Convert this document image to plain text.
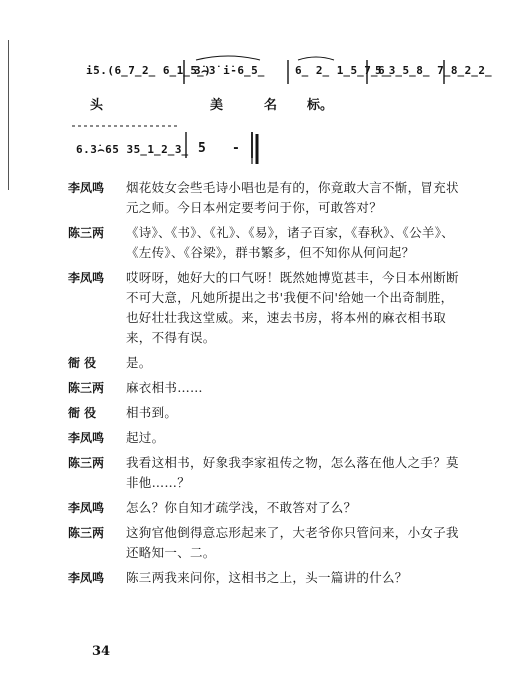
i̇5.(6̲7̲2̲ 6̲1̲5̲)
3̇⌢3̇ i̇-6̲5̲	6̲ 2̲ 1̲5̲7̲6̲
5̲3̲5̲8̲ 7̲8̲2̲2̲
头	美	名 标。
6.3̇⌢65 35̲1̲2̲3̲ 5 -
李凤鸣	烟花妓女会些毛诗小唱也是有的，你竟敢大言不惭，冒充状元之师。今日本州定要考问于你，可敢答对？
陈三两	《诗》、《书》、《礼》、《易》，诸子百家，《春秋》、《公羊》、《左传》、《谷梁》，群书繁多，但不知你从何问起？
李凤鸣	哎呀呀，她好大的口气呀！既然她博览甚丰，今日本州断断不可大意，凡她所提出之书'我便不问'给她一个出奇制胜，也好壮壮我这堂威。来，速去书房，将本州的麻衣相书取来，不得有误。
衙 役	是。
陈三两	麻衣相书……
衙 役	相书到。
李凤鸣	起过。
陈三两	我看这相书，好象我李家祖传之物，怎么落在他人之手？莫非他……？
李凤鸣	怎么？你自知才疏学浅，不敢答对了么？
陈三两	这狗官他倒得意忘形起来了，大老爷你只管问来，小女子我还略知一、二。
李凤鸣	陈三两我来问你，这相书之上，头一篇讲的什么？
34
